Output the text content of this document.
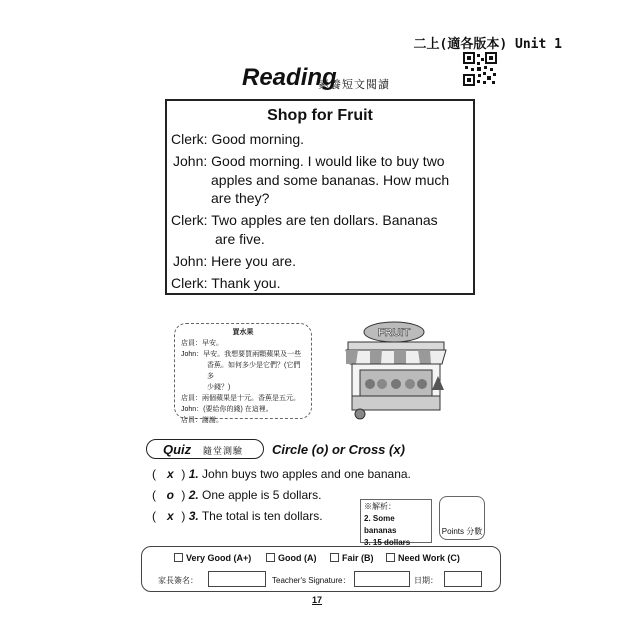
二上(適各版本) Unit 1
Reading
素養短文閱讀
Shop for Fruit
Clerk: Good morning.
John: Good morning. I would like to buy two
apples and some bananas. How much
are they?
Clerk: Two apples are ten dollars. Bananas
are five.
John: Here you are.
Clerk: Thank you.
買水果
店員：早安。
John：早安。我想要買兩顆蘋果及一些
香蕉。如何多少是它們？(它們多
少錢？)
店員：兩個蘋果是十元。香蕉是五元。
John：(要給你的錢) 在這裡。
店員：謝謝。
FRUIT
Quiz 隨堂測驗 Circle (o) or Cross (x)
( x ) 1. John buys two apples and one banana.
( o ) 2. One apple is 5 dollars.
( x ) 3. The total is ten dollars.
※解析：
2. Some bananas
3. 15 dollars
Points 分數
Very Good (A+)	Good (A)	Fair (B)	Need Work (C)
家長簽名：	Teacher's Signature：	日期：
17
